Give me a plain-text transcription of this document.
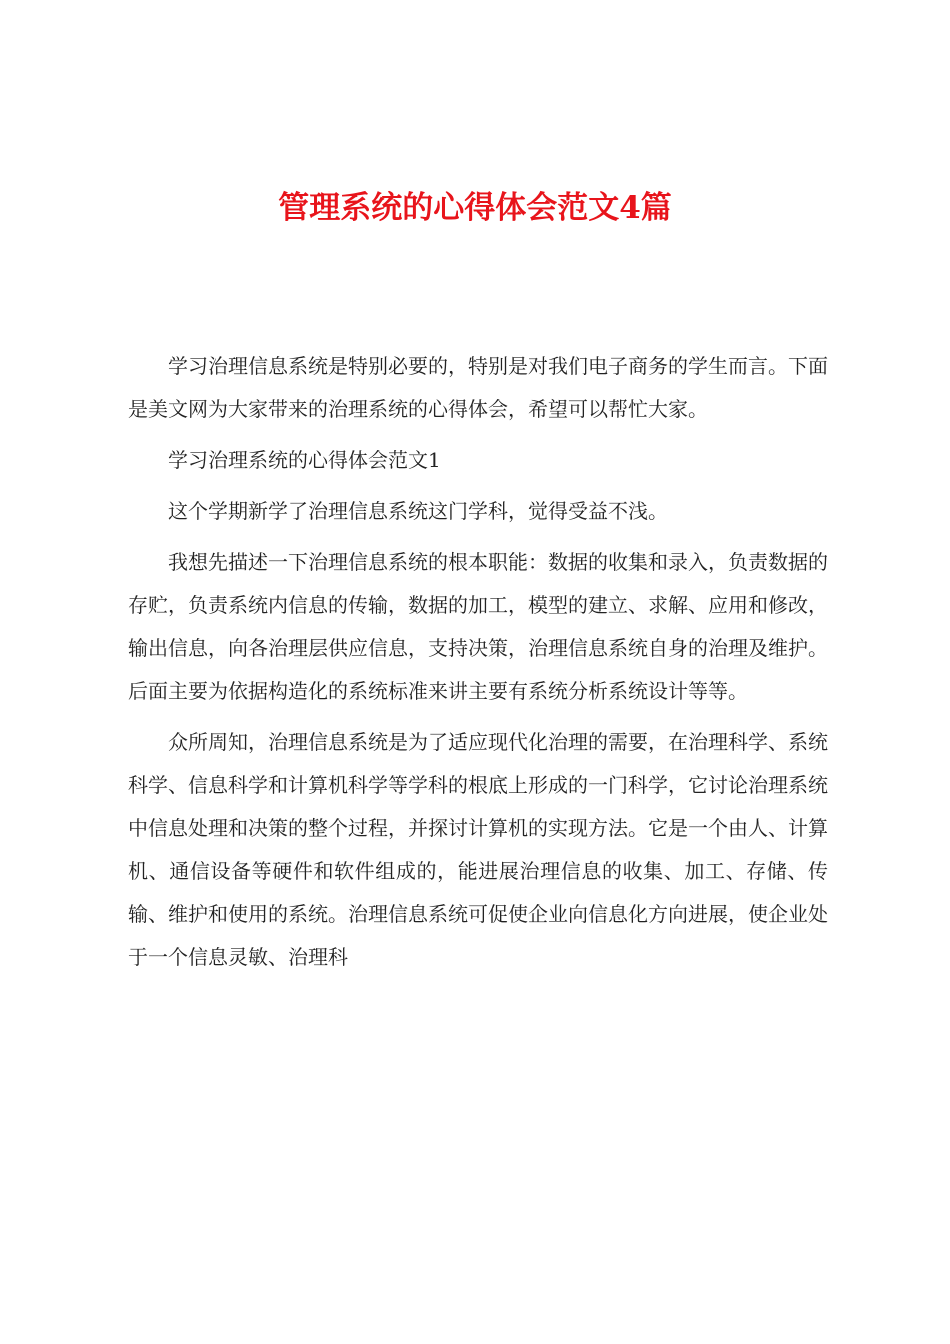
管理系统的心得体会范文4篇

学习治理信息系统是特别必要的，特别是对我们电子商务的学生而言。下面是美文网为大家带来的治理系统的心得体会，希望可以帮忙大家。

学习治理系统的心得体会范文1

这个学期新学了治理信息系统这门学科，觉得受益不浅。

我想先描述一下治理信息系统的根本职能：数据的收集和录入，负责数据的存贮，负责系统内信息的传输，数据的加工，模型的建立、求解、应用和修改，输出信息，向各治理层供应信息，支持决策，治理信息系统自身的治理及维护。后面主要为依据构造化的系统标准来讲主要有系统分析系统设计等等。

众所周知，治理信息系统是为了适应现代化治理的需要，在治理科学、系统科学、信息科学和计算机科学等学科的根底上形成的一门科学，它讨论治理系统中信息处理和决策的整个过程，并探讨计算机的实现方法。它是一个由人、计算机、通信设备等硬件和软件组成的，能进展治理信息的收集、加工、存储、传输、维护和使用的系统。治理信息系统可促使企业向信息化方向进展，使企业处于一个信息灵敏、治理科
